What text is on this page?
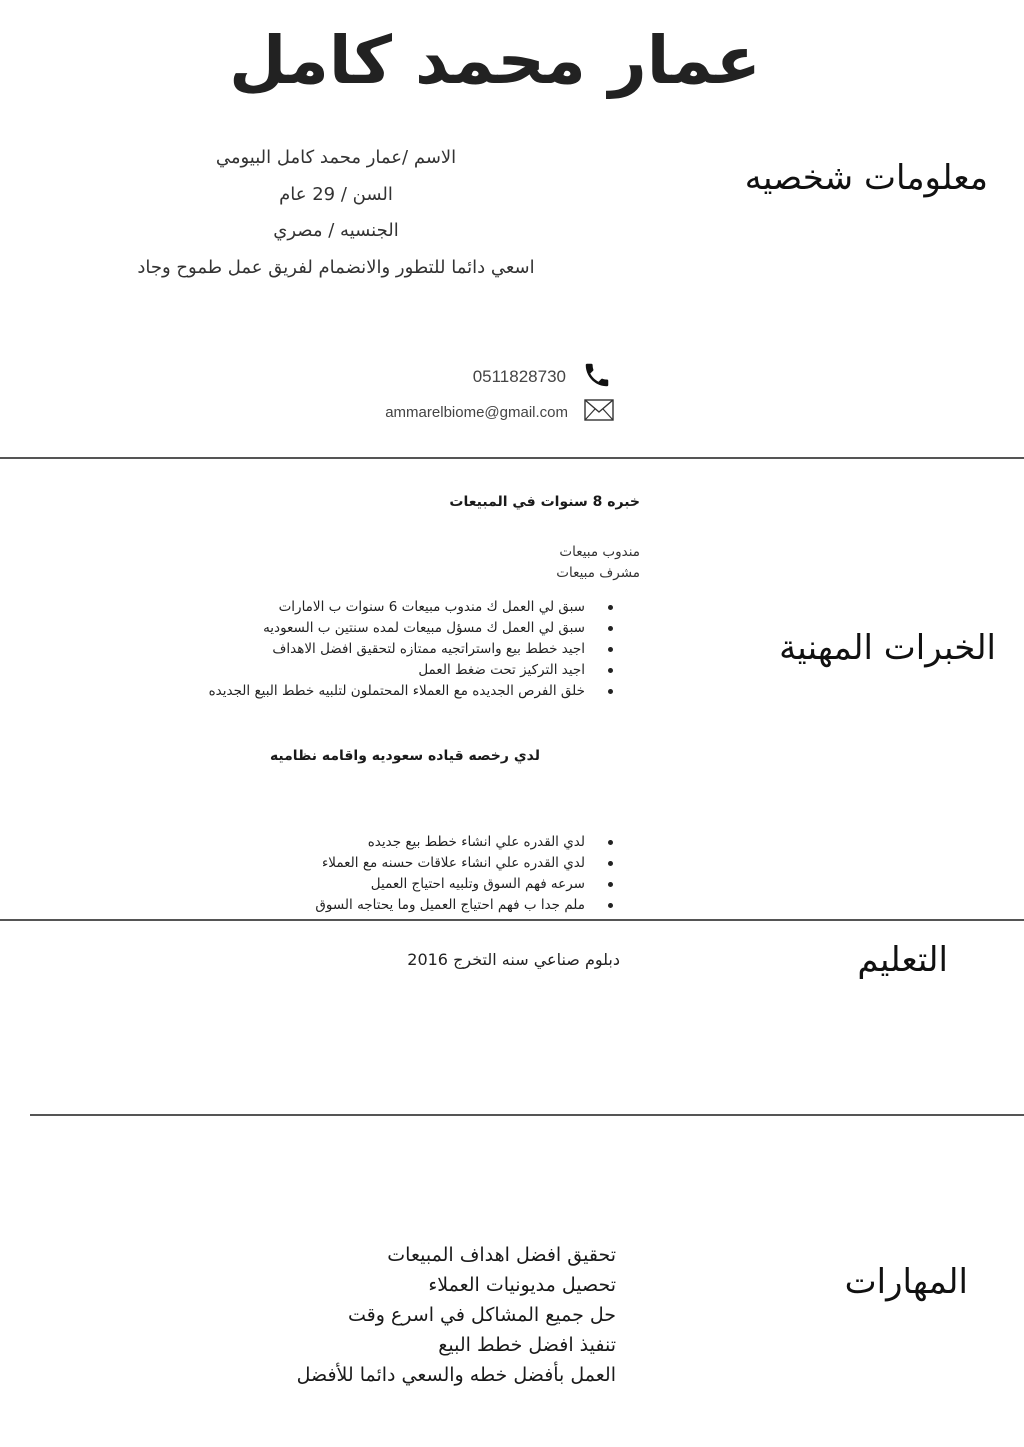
عمار محمد كامل
معلومات شخصيه
الاسم /عمار محمد كامل البيومي
السن / 29 عام
الجنسيه / مصري
اسعي دائما للتطور والانضمام لفريق عمل طموح وجاد
0511828730
ammarelbiome@gmail.com
الخبرات المهنية
خبره 8 سنوات في المبيعات
مندوب مبيعات
مشرف مبيعات
سبق لي العمل ك مندوب مبيعات 6 سنوات ب الامارات
سبق لي العمل ك مسؤل مبيعات لمده سنتين ب السعوديه
اجيد خطط بيع واستراتجيه ممتازه لتحقيق افضل الاهداف
اجيد التركيز تحت ضغط العمل
خلق الفرص الجديده مع العملاء المحتملون لتلبيه خطط البيع الجديده
لدي رخصه قياده سعوديه واقامه نظاميه
لدي القدره علي انشاء خطط بيع جديده
لدي القدره علي انشاء علاقات حسنه مع العملاء
سرعه فهم السوق وتلبيه احتياج العميل
ملم جدا ب فهم احتياج العميل وما يحتاجه السوق
التعليم
دبلوم صناعي سنه التخرج 2016
المهارات
تحقيق افضل اهداف المبيعات
تحصيل مديونيات العملاء
حل جميع المشاكل في اسرع وقت
تنفيذ افضل خطط البيع
العمل بأفضل خطه والسعي دائما للأفضل
